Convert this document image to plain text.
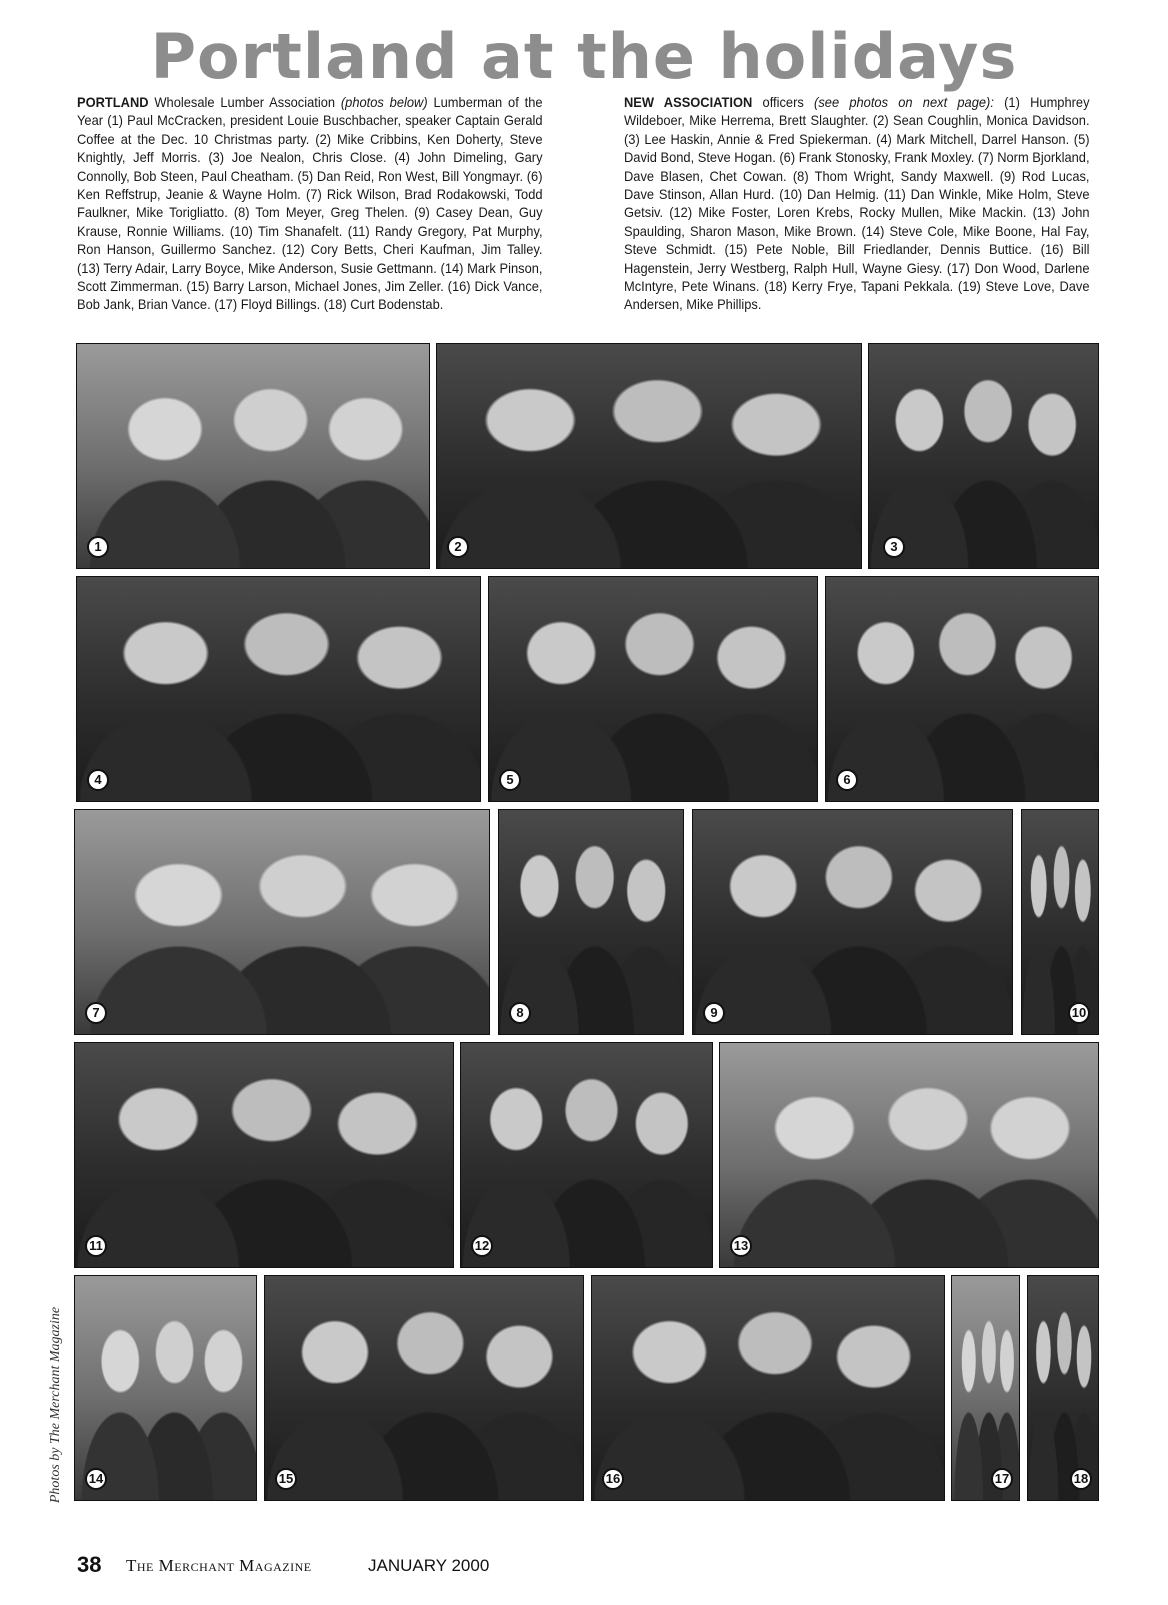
Portland at the holidays
PORTLAND Wholesale Lumber Association (photos below) Lumberman of the Year (1) Paul McCracken, president Louie Buschbacher, speaker Captain Gerald Coffee at the Dec. 10 Christmas party. (2) Mike Cribbins, Ken Doherty, Steve Knightly, Jeff Morris. (3) Joe Nealon, Chris Close. (4) John Dimeling, Gary Connolly, Bob Steen, Paul Cheatham. (5) Dan Reid, Ron West, Bill Yongmayr. (6) Ken Reffstrup, Jeanie & Wayne Holm. (7) Rick Wilson, Brad Rodakowski, Todd Faulkner, Mike Torigliatto. (8) Tom Meyer, Greg Thelen. (9) Casey Dean, Guy Krause, Ronnie Williams. (10) Tim Shanafelt. (11) Randy Gregory, Pat Murphy, Ron Hanson, Guillermo Sanchez. (12) Cory Betts, Cheri Kaufman, Jim Talley. (13) Terry Adair, Larry Boyce, Mike Anderson, Susie Gettmann. (14) Mark Pinson, Scott Zimmerman. (15) Barry Larson, Michael Jones, Jim Zeller. (16) Dick Vance, Bob Jank, Brian Vance. (17) Floyd Billings. (18) Curt Bodenstab.
NEW ASSOCIATION officers (see photos on next page): (1) Humphrey Wildeboer, Mike Herrema, Brett Slaughter. (2) Sean Coughlin, Monica Davidson. (3) Lee Haskin, Annie & Fred Spiekerman. (4) Mark Mitchell, Darrel Hanson. (5) David Bond, Steve Hogan. (6) Frank Stonosky, Frank Moxley. (7) Norm Bjorkland, Dave Blasen, Chet Cowan. (8) Thom Wright, Sandy Maxwell. (9) Rod Lucas, Dave Stinson, Allan Hurd. (10) Dan Helmig. (11) Dan Winkle, Mike Holm, Steve Getsiv. (12) Mike Foster, Loren Krebs, Rocky Mullen, Mike Mackin. (13) John Spaulding, Sharon Mason, Mike Brown. (14) Steve Cole, Mike Boone, Hal Fay, Steve Schmidt. (15) Pete Noble, Bill Friedlander, Dennis Buttice. (16) Bill Hagenstein, Jerry Westberg, Ralph Hull, Wayne Giesy. (17) Don Wood, Darlene McIntyre, Pete Winans. (18) Kerry Frye, Tapani Pekkala. (19) Steve Love, Dave Andersen, Mike Phillips.
1	2	3
4	5	6
7	8	9	10
11	12	13
14	15	16	17	18
Photos by The Merchant Magazine
38 The Merchant Magazine	JANUARY 2000
